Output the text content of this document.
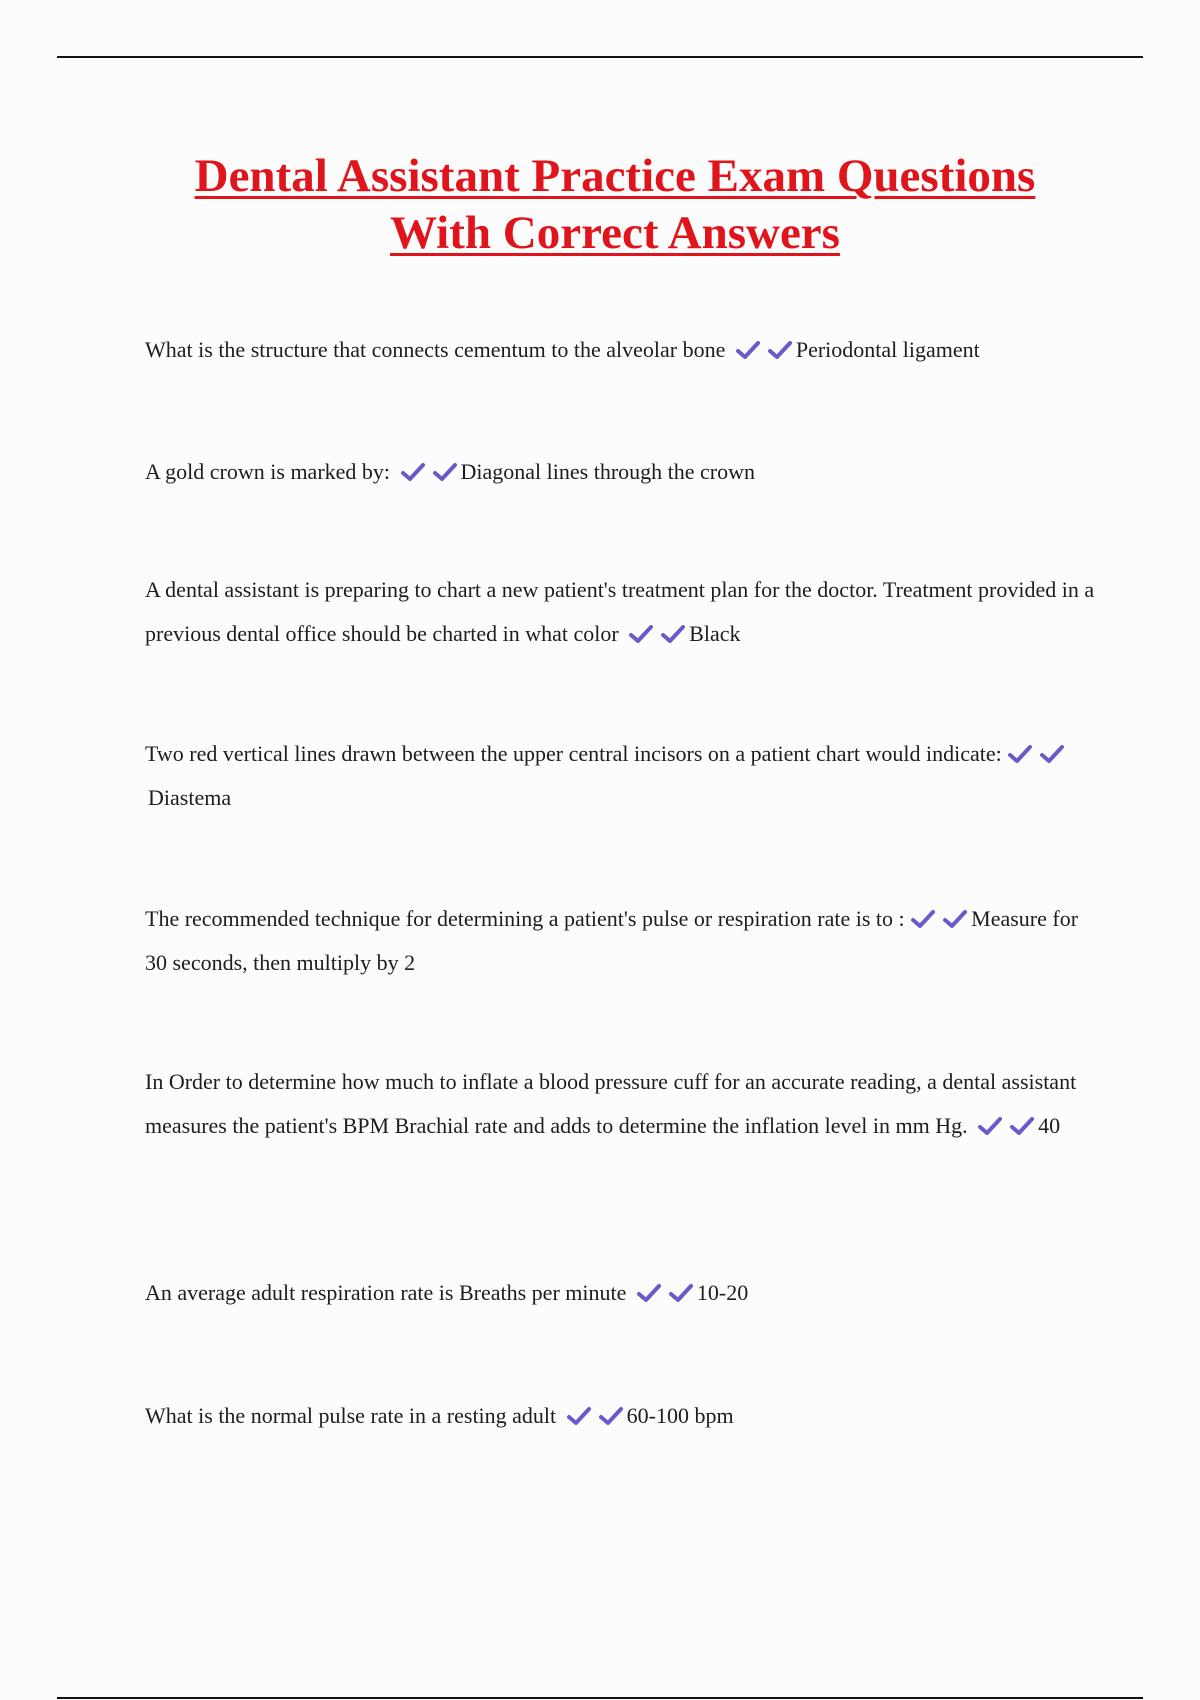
Dental Assistant Practice Exam Questions
With Correct Answers
What is the structure that connects cementum to the alveolar bone	Periodontal ligament
A gold crown is marked by:	Diagonal lines through the crown
A dental assistant is preparing to chart a new patient's treatment plan for the doctor. Treatment provided in a previous dental office should be charted in what color	Black
Two red vertical lines drawn between the upper central incisors on a patient chart would indicate:
Diastema
The recommended technique for determining a patient's pulse or respiration rate is to :	Measure for 30 seconds, then multiply by 2
In Order to determine how much to inflate a blood pressure cuff for an accurate reading, a dental assistant measures the patient's BPM Brachial rate and adds to determine the inflation level in mm Hg.	40
An average adult respiration rate is Breaths per minute	10-20
What is the normal pulse rate in a resting adult	60-100 bpm
